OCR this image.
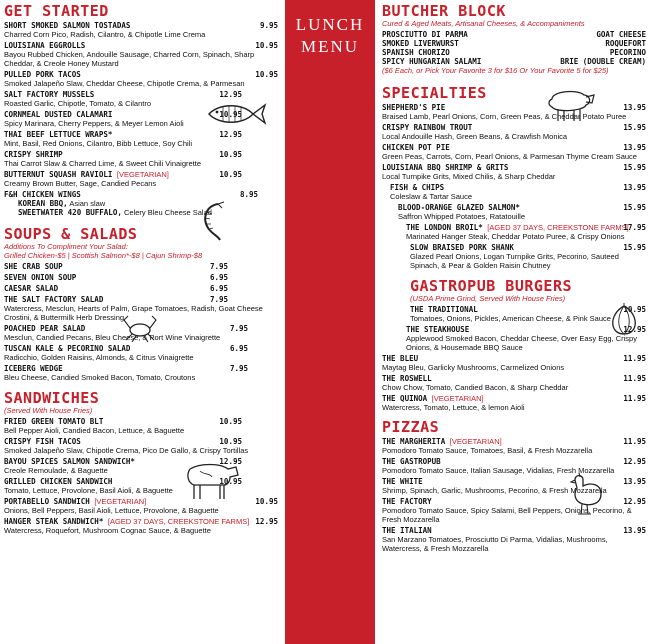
LUNCH
MENU
GET STARTED
SHORT SMOKED SALMON TOSTADAS	9.95
Charred Corn Pico, Radish, Cilantro, & Chipotle Lime Crema
LOUISIANA EGGROLLS	10.95
Bayou Rubbed Chicken, Andouille Sausage, Charred Corn, Spinach, Sharp Cheddar, & Creole Honey Mustard
PULLED PORK TACOS	10.95
Smoked Jalapeño Slaw, Cheddar Cheese, Chipotle Crema, & Parmesan
SALT FACTORY MUSSELS	12.95
Roasted Garlic, Chipotle, Tomato, & Cilantro
CORNMEAL DUSTED CALAMARI	10.95
Spicy Marinara, Cherry Peppers, & Meyer Lemon Aioli
THAI BEEF LETTUCE WRAPS*	12.95
Mint, Basil, Red Onions, Cilantro, Bibb Lettuce, Soy Chili
CRISPY SHRIMP	10.95
Thai Carrot Slaw & Charred Lime, & Sweet Chili Vinaigrette
BUTTERNUT SQUASH RAVIOLI [VEGETARIAN]	10.95
Creamy Brown Butter, Sage, Candied Pecans
F&H CHICKEN WINGS	8.95
KOREAN BBQ, Asian slaw
SWEETWATER 420 BUFFALO, Celery Bleu Cheese Salad
SOUPS & SALADS
Additions To Compliment Your Salad:
Grilled Chicken-$5 | Scottish Salmon*-$8 | Cajun Shrimp-$8
SHE CRAB SOUP	7.95
SEVEN ONION SOUP	6.95
CAESAR SALAD	6.95
THE SALT FACTORY SALAD	7.95
Watercress, Mesclun, Hearts of Palm, Grape Tomatoes, Radish, Goat Cheese Crostini, & Buttermilk Herb Dressing
POACHED PEAR SALAD	7.95
Mesclun, Candied Pecans, Bleu Cheese, & Port Wine Vinaigrette
TUSCAN KALE & PECORINO SALAD	6.95
Radicchio, Golden Raisins, Almonds, & Citrus Vinaigrette
ICEBERG WEDGE	7.95
Bleu Cheese, Candied Smoked Bacon, Tomato, Croutons
SANDWICHES
(Served With House Fries)
FRIED GREEN TOMATO BLT	10.95
Bell Pepper Aioli, Candied Bacon, Lettuce, & Baguette
CRISPY FISH TACOS	10.95
Smoked Jalapeño Slaw, Chipotle Crema, Pico De Gallo, & Crispy Tortillas
BAYOU SPICES SALMON SANDWICH*	12.95
Creole Remoulade, & Baguette
GRILLED CHICKEN SANDWICH	10.95
Tomato, Lettuce, Provolone, Basil Aioli, & Baguette
PORTABELLO SANDWICH [VEGETARIAN]	10.95
Onions, Bell Peppers, Basil Aioli, Lettuce, Provolone, & Baguette
HANGER STEAK SANDWICH* [AGED 37 DAYS, CREEKSTONE FARMS] 12.95
Watercress, Roquefort, Mushroom Cognac Sauce, & Baguette
BUTCHER BLOCK
Cured & Aged Meats, Artisanal Cheeses, & Accompaniments
PROSCIUTTO DI PARMA	GOAT CHEESE
SMOKED LIVERWURST	ROQUEFORT
SPANISH CHORIZO	PECORINO
SPICY HUNGARIAN SALAMI	BRIE (DOUBLE CREAM)
($6 Each, or Pick Your Favorite 3 for $16 Or Your Favorite 5 for $25)
SPECIALTIES
SHEPHERD'S PIE	13.95
Braised Lamb, Pearl Onions, Corn, Green Peas, & Cheddar Potato Puree
CRISPY RAINBOW TROUT	15.95
Local Andouille Hash, Green Beans, & Crawfish Monica
CHICKEN POT PIE	13.95
Green Peas, Carrots, Corn, Pearl Onions, & Parmesan Thyme Cream Sauce
LOUISIANA BBQ SHRIMP & GRITS	15.95
Local Turnpike Grits, Mixed Chilis, & Sharp Cheddar
FISH & CHIPS	13.95
Coleslaw & Tartar Sauce
BLOOD-ORANGE GLAZED SALMON*	15.95
Saffron Whipped Potatoes, Ratatouille
THE LONDON BROIL* [AGED 37 DAYS, CREEKSTONE FARMS]
17.95
Marinated Hanger Steak, Cheddar Potato Puree, & Crispy Onions
SLOW BRAISED PORK SHANK	15.95
Glazed Pearl Onions, Logan Turnpike Grits, Pecorino, Sauteed Spinach, & Pear & Golden Raisin Chutney
GASTROPUB BURGERS
(USDA Prime Grind, Served With House Fries)
THE TRADITIONAL	10.95
Tomatoes, Onions, Pickles, American Cheese, & Pink Sauce
THE STEAKHOUSE	12.95
Applewood Smoked Bacon, Cheddar Cheese, Over Easy Egg, Crispy Onions, & Housemade BBQ Sauce
THE BLEU	11.95
Maytag Bleu, Garlicky Mushrooms, Carmelized Onions
THE ROSWELL	11.95
Chow Chow, Tomato, Candied Bacon, & Sharp Cheddar
THE QUINOA [VEGETARIAN]	11.95
Watercress, Tomato, Lettuce, & lemon Aioli
PIZZAS
THE MARGHERITA [VEGETARIAN]	11.95
Pomodoro Tomato Sauce, Tomatoes, Basil, & Fresh Mozzarella
THE GASTROPUB	12.95
Pomodoro Tomato Sauce, Italian Sausage, Vidalias, Fresh Mozzarella
THE WHITE	13.95
Shrimp, Spinach, Garlic, Mushrooms, Pecorino, & Fresh Mozzarella
THE FACTORY	12.95
Pomodoro Tomato Sauce, Spicy Salami, Bell Peppers, Onions, Pecorino, & Fresh Mozzarella
THE ITALIAN	13.95
San Marzano Tomatoes, Prosciutto Di Parma, Vidalias, Mushrooms, Watercress, & Fresh Mozzarella
